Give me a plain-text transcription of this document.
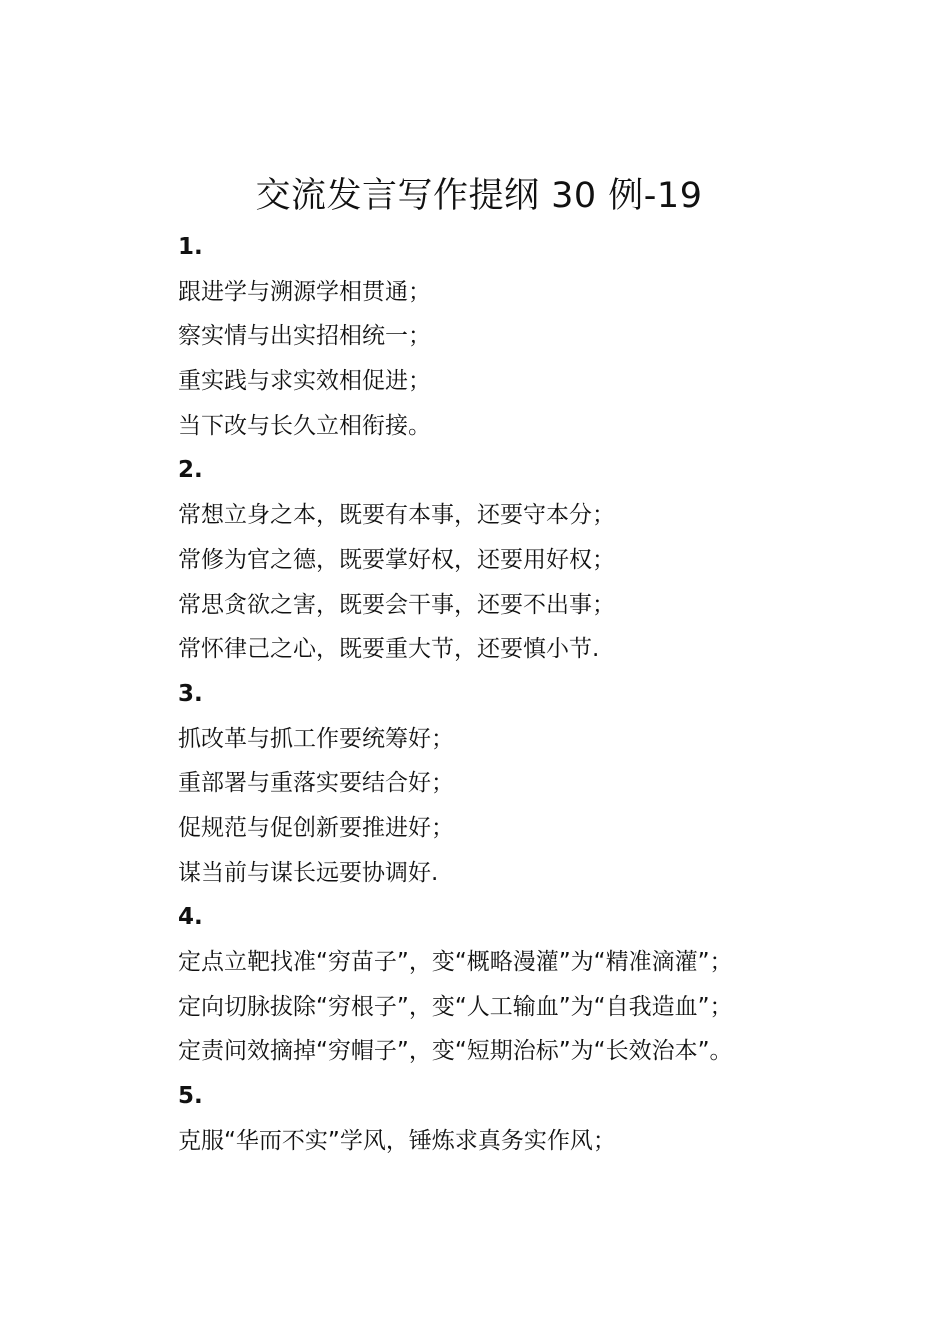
交流发言写作提纲 30 例-19
1.
跟进学与溯源学相贯通；
察实情与出实招相统一；
重实践与求实效相促进；
当下改与长久立相衔接。
2.
常想立身之本，既要有本事，还要守本分；
常修为官之德，既要掌好权，还要用好权；
常思贪欲之害，既要会干事，还要不出事；
常怀律己之心，既要重大节，还要慎小节.
3.
抓改革与抓工作要统筹好；
重部署与重落实要结合好；
促规范与促创新要推进好；
谋当前与谋长远要协调好.
4.
定点立靶找准“穷苗子”，变“概略漫灌”为“精准滴灌”；
定向切脉拔除“穷根子”，变“人工输血”为“自我造血”；
定责问效摘掉“穷帽子”，变“短期治标”为“长效治本”。
5.
克服“华而不实”学风，锤炼求真务实作风；
